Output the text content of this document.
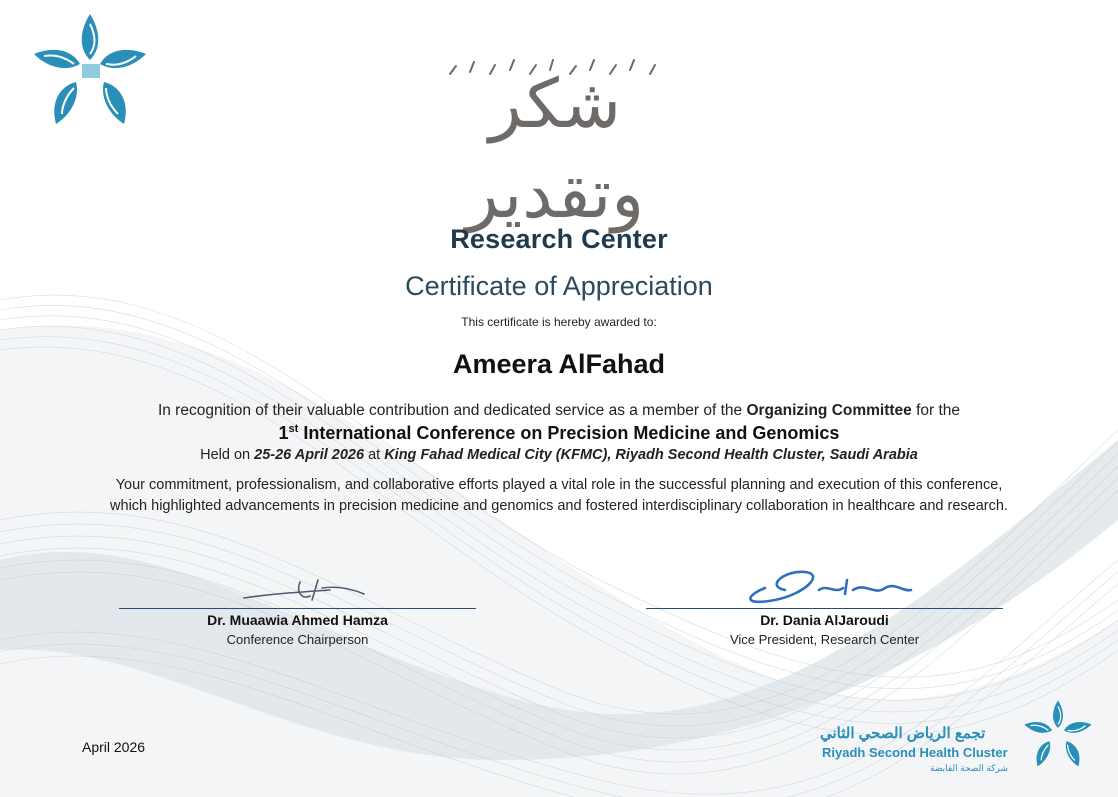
شكر وتقدير
Research Center
Certificate of Appreciation
This certificate is hereby awarded to:
Ameera AlFahad
In recognition of their valuable contribution and dedicated service as a member of the Organizing Committee for the
1st International Conference on Precision Medicine and Genomics
Held on 25-26 April 2026 at King Fahad Medical City (KFMC), Riyadh Second Health Cluster, Saudi Arabia
Your commitment, professionalism, and collaborative efforts played a vital role in the successful planning and execution of this conference, which highlighted advancements in precision medicine and genomics and fostered interdisciplinary collaboration in healthcare and research.
Dr. Muaawia Ahmed Hamza
Conference Chairperson
Dr. Dania AlJaroudi
Vice President, Research Center
April 2026
تجمع الرياض الصحي الثاني
Riyadh Second Health Cluster
شركة الصحة القابضة
